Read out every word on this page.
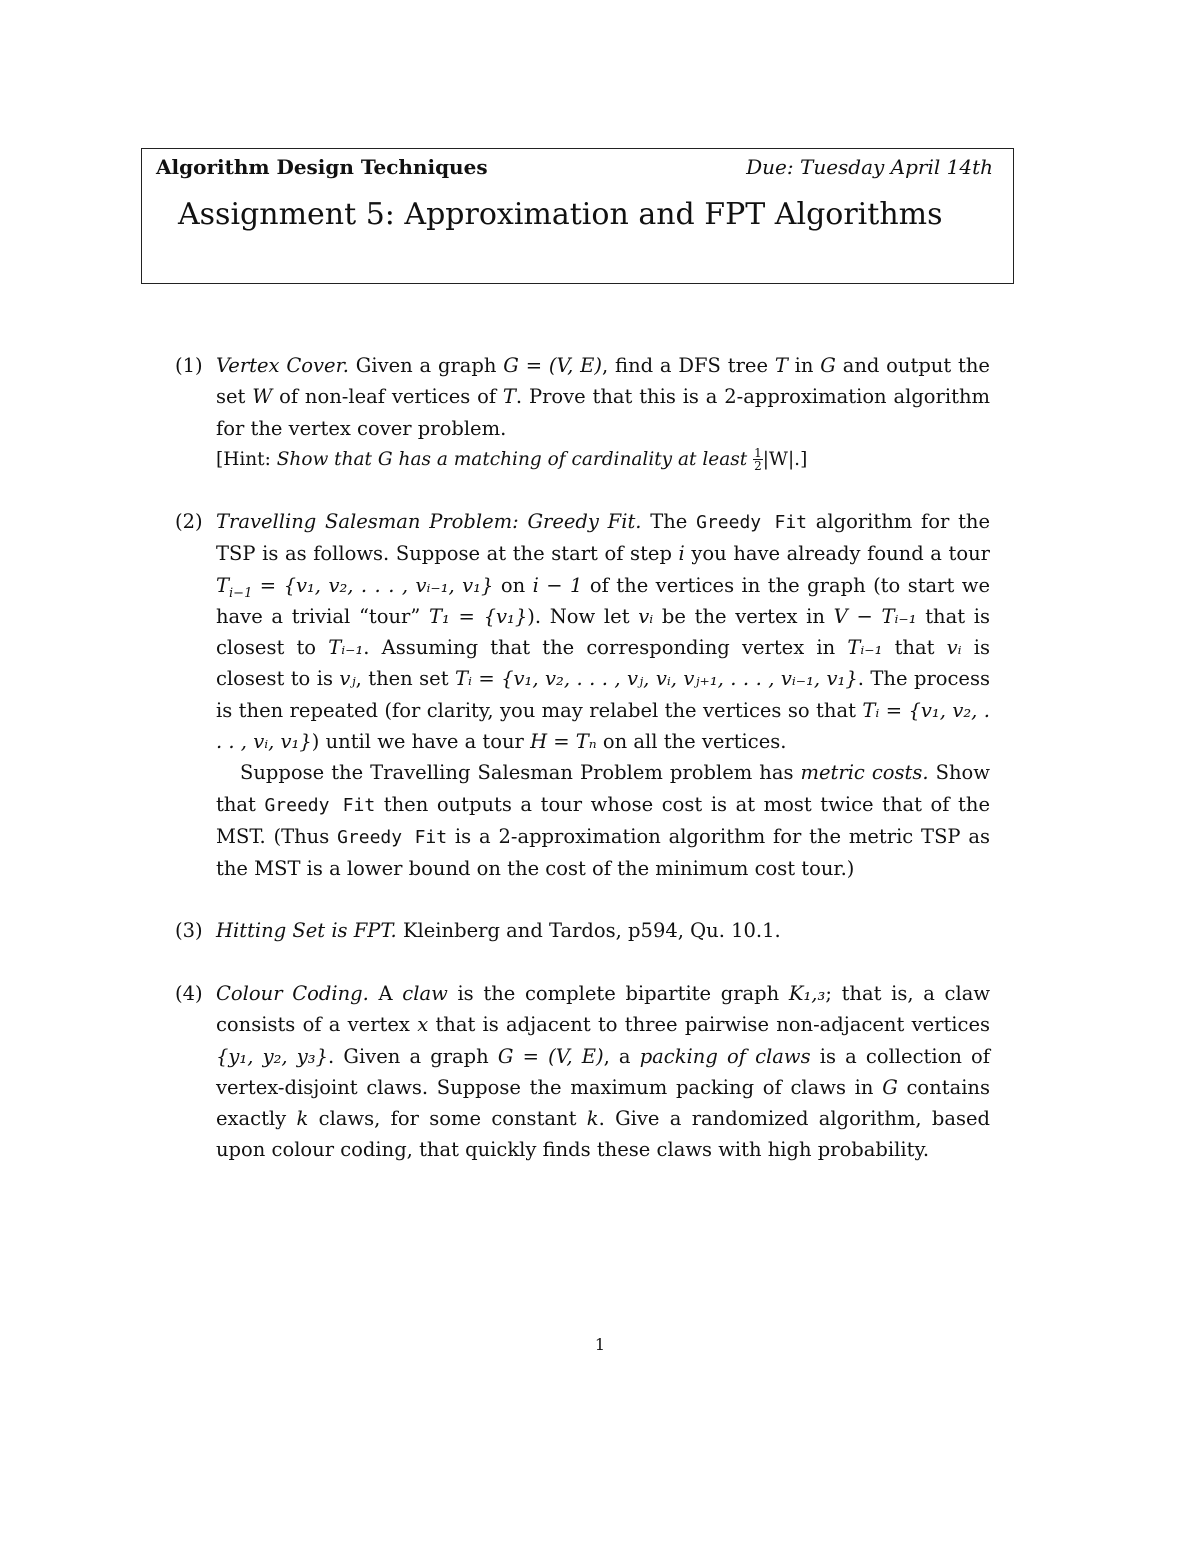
Algorithm Design Techniques	Due: Tuesday April 14th
Assignment 5: Approximation and FPT Algorithms
(1) Vertex Cover. Given a graph G = (V, E), find a DFS tree T in G and output the set W of non-leaf vertices of T. Prove that this is a 2-approximation algorithm for the vertex cover problem.

[Hint: Show that G has a matching of cardinality at least $\frac{1}{2} |W|$.]

(2) Travelling Salesman Problem: Greedy Fit. The Greedy Fit algorithm for the TSP is as follows. Suppose at the start of step i you have already found a tour $T_{i-1} = \{v_1$, v₂, . . . , vᵢ₋₁, v₁} on i − 1 of the vertices in the graph (to start we have a trivial “tour” T₁ = {v₁}). Now let vᵢ be the vertex in V − Tᵢ₋₁ that is closest to Tᵢ₋₁. Assuming that the corresponding vertex in Tᵢ₋₁ that vᵢ is closest to is vⱼ, then set Tᵢ = {v₁, v₂, . . . , vⱼ, vᵢ, vⱼ₊₁, . . . , vᵢ₋₁, v₁}. The process is then repeated (for clarity, you may relabel the vertices so that Tᵢ = {v₁, v₂, . . . , vᵢ, v₁}) until we have a tour H = Tₙ on all the vertices.

Suppose the Travelling Salesman Problem problem has metric costs. Show that Greedy Fit then outputs a tour whose cost is at most twice that of the MST. (Thus Greedy Fit is a 2-approximation algorithm for the metric TSP as the MST is a lower bound on the cost of the minimum cost tour.)

(3) Hitting Set is FPT. Kleinberg and Tardos, p594, Qu. 10.1.

(4) Colour Coding. A claw is the complete bipartite graph K₁,₃; that is, a claw consists of a vertex x that is adjacent to three pairwise non-adjacent vertices {y₁, y₂, y₃}. Given a graph G = (V, E), a packing of claws is a collection of vertex-disjoint claws. Suppose the maximum packing of claws in G contains exactly k claws, for some constant k. Give a randomized algorithm, based upon colour coding, that quickly finds these claws with high probability.

1
